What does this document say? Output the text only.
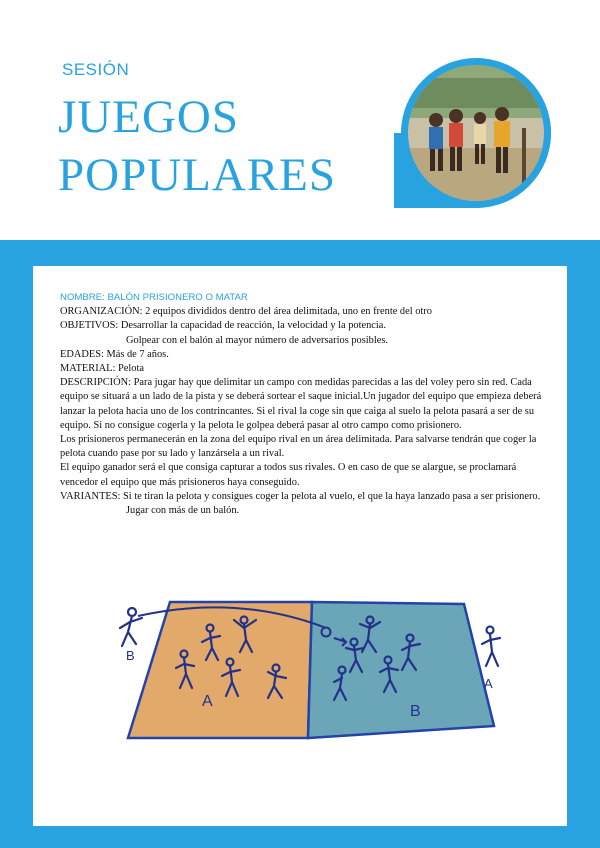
SESIÓN
JUEGOS
POPULARES

NOMBRE: BALÓN PRISIONERO O MATAR

ORGANIZACIÓN: 2 equipos divididos dentro del área delimitada, uno en frente del otro

OBJETIVOS: Desarrollar la capacidad de reacción, la velocidad y la potencia.

Golpear con el balón al mayor número de adversarios posibles.

EDADES: Más de 7 años.

MATERIAL: Pelota

DESCRIPCIÓN: Para jugar hay que delimitar un campo con medidas parecidas a las del voley pero sin red. Cada equipo se situará a un lado de la pista y se deberá sortear el saque inicial.Un jugador del equipo que empieza deberá lanzar la pelota hacia uno de los contrincantes. Si el rival la coge sin que caiga al suelo la pelota pasará a ser de su equipo. Si no consigue cogerla y la pelota le golpea deberá pasar al otro campo como prisionero.

Los prisioneros permanecerán en la zona del equipo rival en un área delimitada. Para salvarse tendrán que coger la pelota cuando pase por su lado y lanzársela a un rival.

El equipo ganador será el que consiga capturar a todos sus rivales. O en caso de que se alargue, se proclamará vencedor el equipo que más prisioneros haya conseguido.

VARIANTES: Si te tiran la pelota y consigues coger la pelota al vuelo, el que la haya lanzado pasa a ser prisionero.

Jugar con más de un balón.

B
A
B
A
